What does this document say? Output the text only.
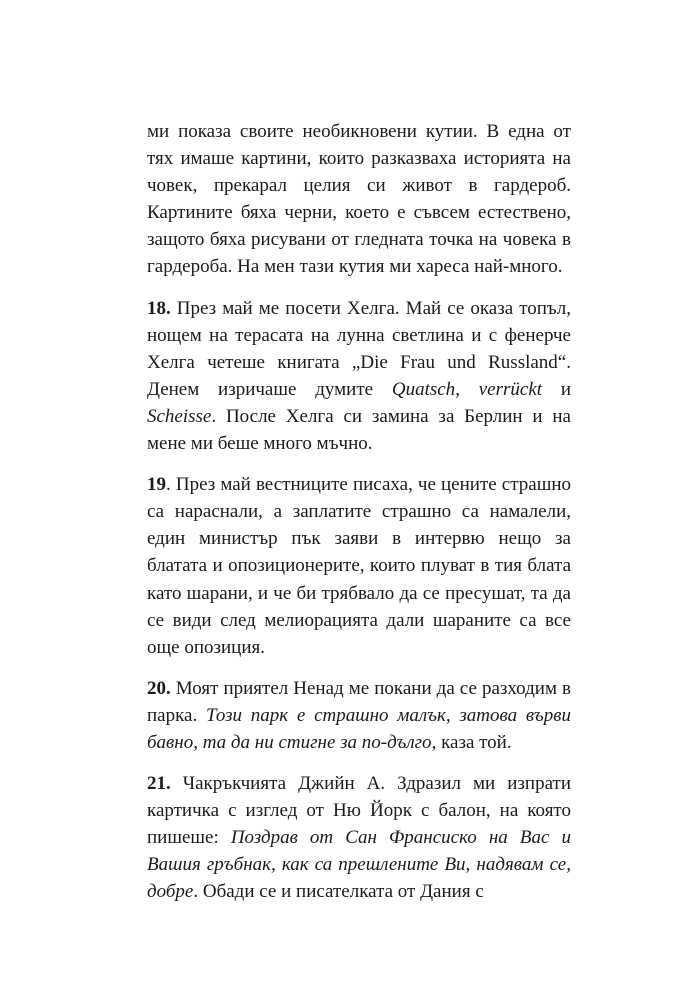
ми показа своите необикновени кутии. В една от тях имаше картини, които разказваха историята на човек, прекарал целия си живот в гардероб. Картините бяха черни, което е съвсем естествено, защото бяха рисувани от гледната точка на човека в гардероба. На мен тази кутия ми хареса най-много.

18. През май ме посети Хелга. Май се оказа топъл, нощем на терасата на лунна светлина и с фенерче Хелга четеше книгата „Die Frau und Russland“. Денем изричаше думите Quatsch, verrückt и Scheisse. После Хелга си замина за Берлин и на мене ми беше много мъчно.

19. През май вестниците писаха, че цените страшно са нараснали, а заплатите страшно са намалели, един министър пък заяви в интервю нещо за блатата и опозиционерите, които плуват в тия блата като шарани, и че би трябвало да се пресушат, та да се види след мелиорацията дали шараните са все още опозиция.

20. Моят приятел Ненад ме покани да се разходим в парка. Този парк е страшно малък, затова върви бавно, та да ни стигне за по-дълго, каза той.

21. Чакръкчията Джийн А. Здразил ми изпрати картичка с изглед от Ню Йорк с балон, на която пишеше: Поздрав от Сан Франсиско на Вас и Вашия гръбнак, как са прешлените Ви, надявам се, добре. Обади се и писателката от Дания с
